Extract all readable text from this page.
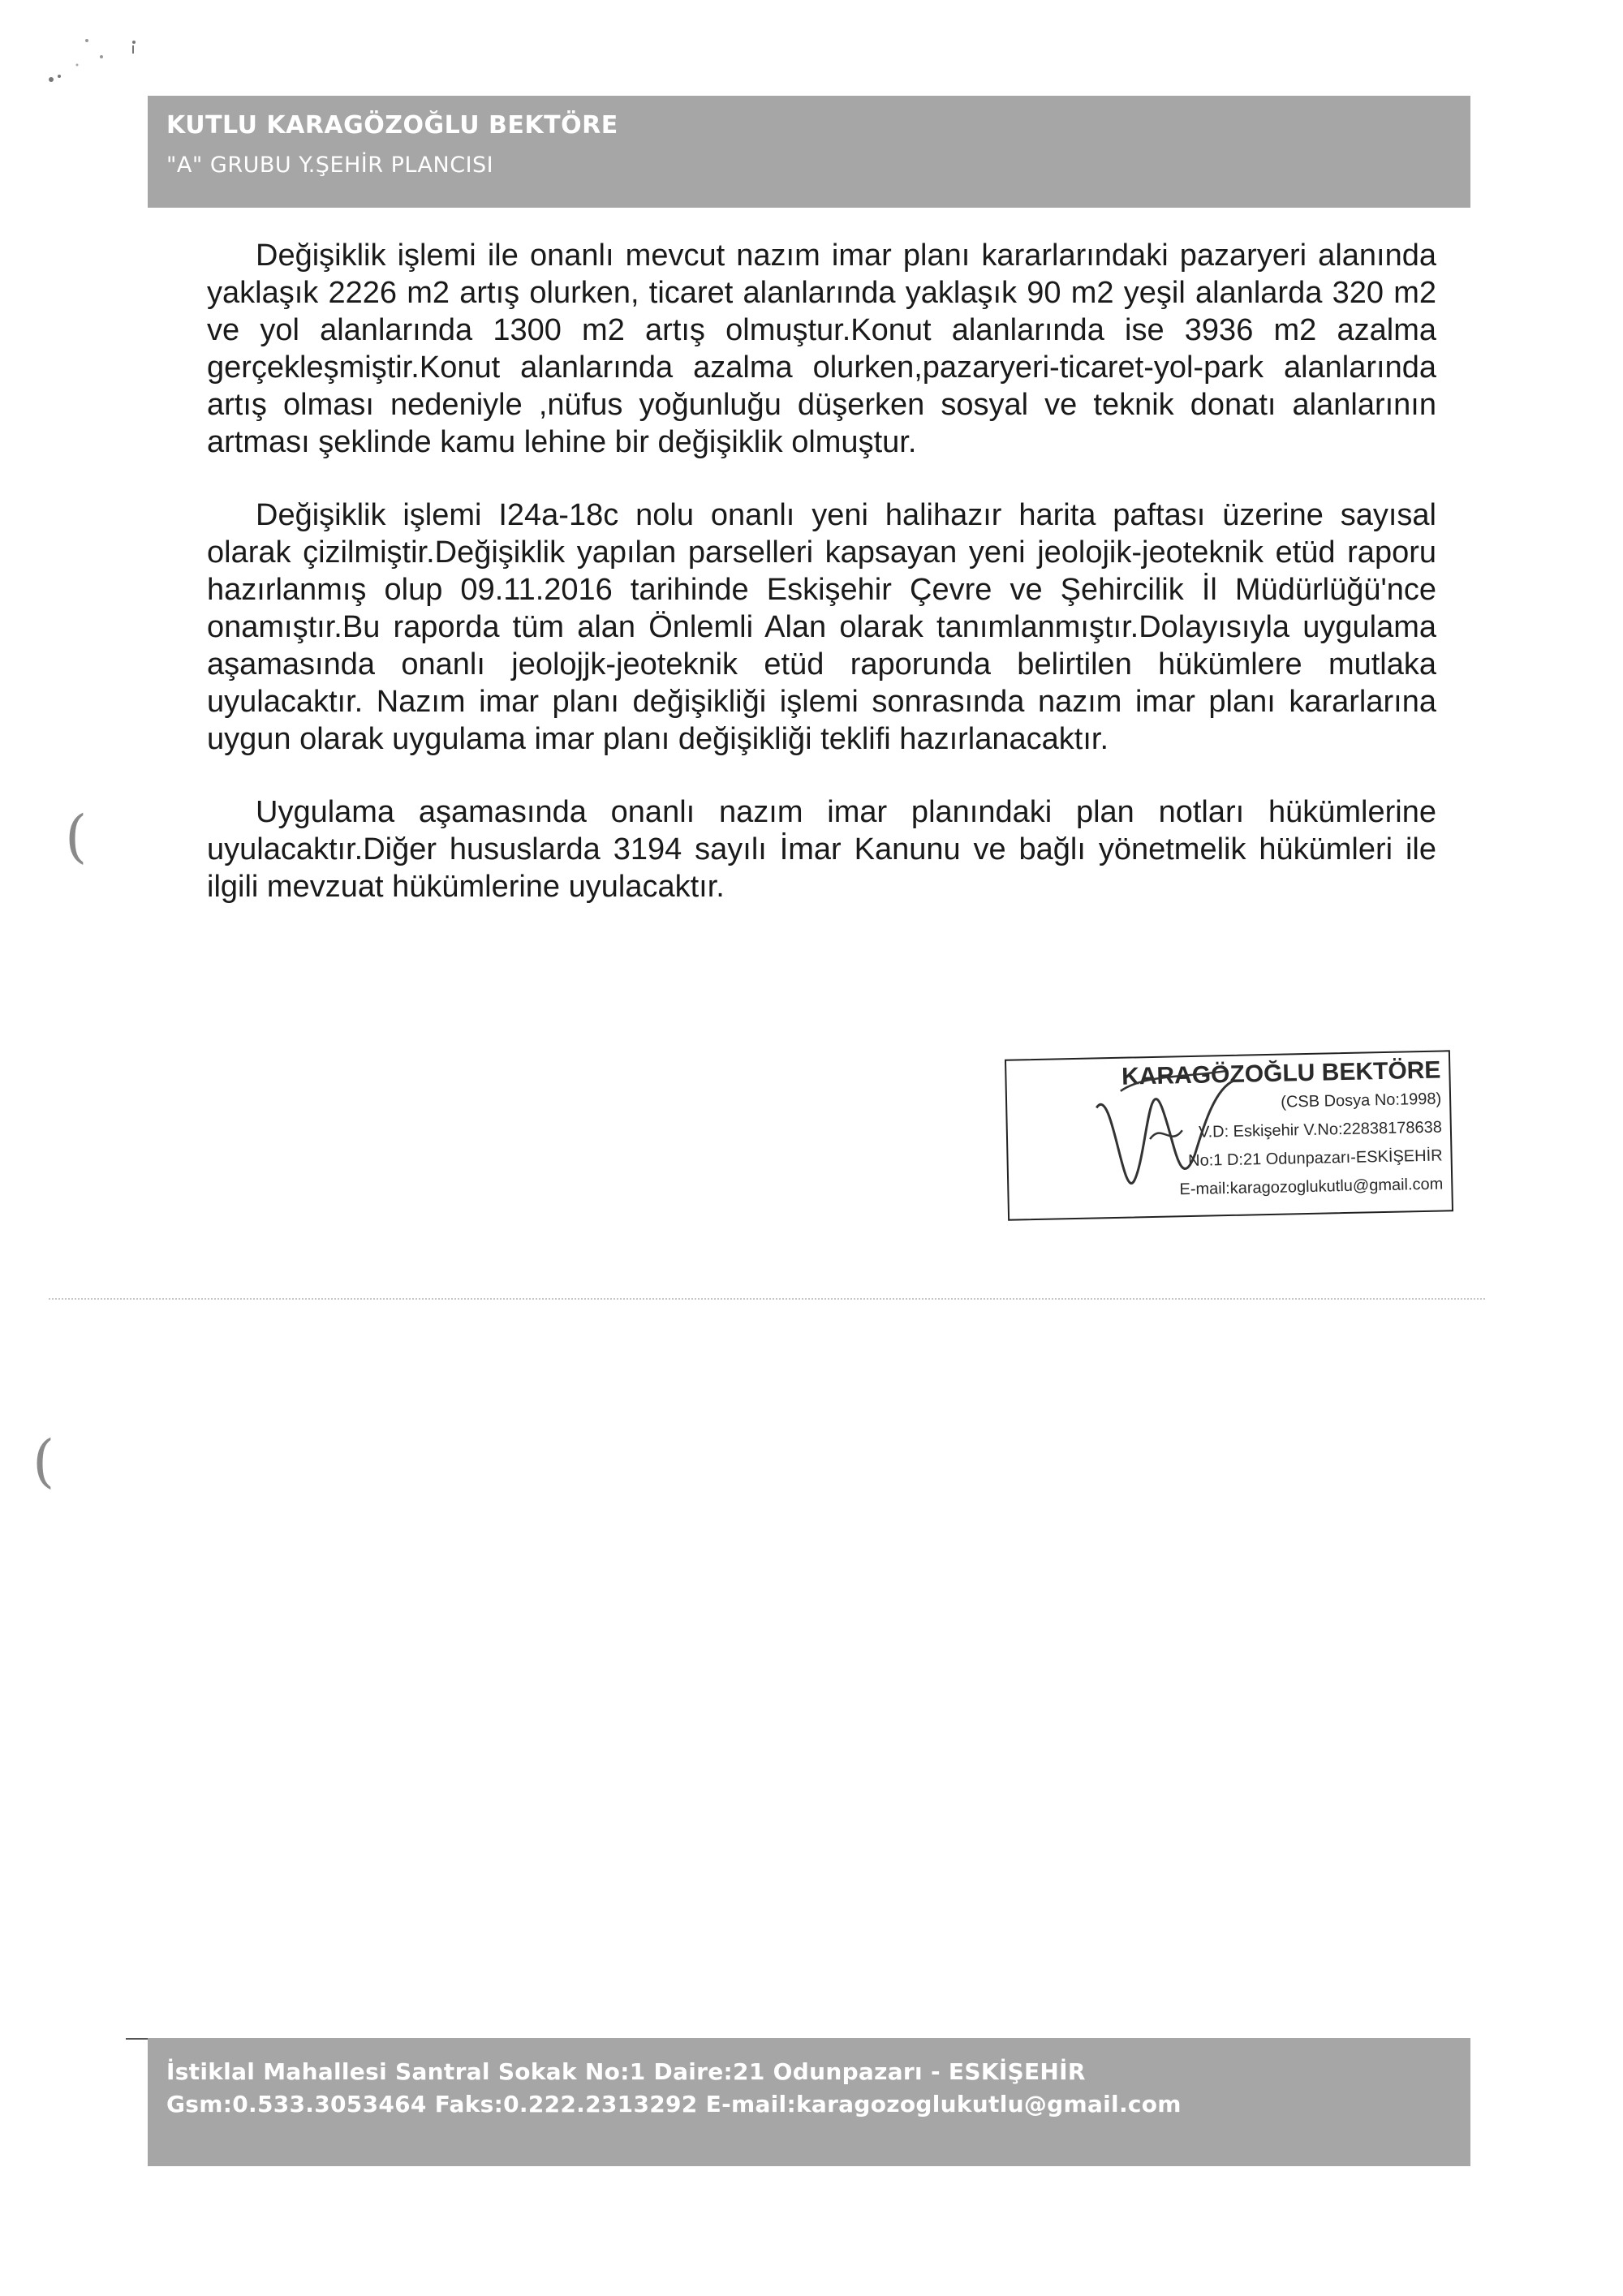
KUTLU KARAGÖZOĞLU BEKTÖRE
"A" GRUBU Y.ŞEHİR PLANCISI

Değişiklik işlemi ile onanlı mevcut nazım imar planı kararlarındaki pazaryeri alanında yaklaşık 2226 m2 artış olurken, ticaret alanlarında yaklaşık 90 m2 yeşil alanlarda 320 m2 ve yol alanlarında 1300 m2 artış olmuştur.Konut alanlarında ise 3936 m2 azalma gerçekleşmiştir.Konut alanlarında azalma olurken,pazaryeri-ticaret-yol-park alanlarında artış olması nedeniyle ,nüfus yoğunluğu düşerken sosyal ve teknik donatı alanlarının artması şeklinde kamu lehine bir değişiklik olmuştur.

Değişiklik işlemi I24a-18c nolu onanlı yeni halihazır harita paftası üzerine sayısal olarak çizilmiştir.Değişiklik yapılan parselleri kapsayan yeni jeolojik-jeoteknik etüd raporu hazırlanmış olup 09.11.2016 tarihinde Eskişehir Çevre ve Şehircilik İl Müdürlüğü'nce onamıştır.Bu raporda tüm alan Önlemli Alan olarak tanımlanmıştır.Dolayısıyla uygulama aşamasında onanlı jeolojjk-jeoteknik etüd raporunda belirtilen hükümlere mutlaka uyulacaktır. Nazım imar planı değişikliği işlemi sonrasında nazım imar planı kararlarına uygun olarak uygulama imar planı değişikliği teklifi hazırlanacaktır.

Uygulama aşamasında onanlı nazım imar planındaki plan notları hükümlerine uyulacaktır.Diğer hususlarda 3194 sayılı İmar Kanunu ve bağlı yönetmelik hükümleri ile ilgili mevzuat hükümlerine uyulacaktır.

KARAGÖZOĞLU BEKTÖRE
(CSB Dosya No:1998)
V.D: Eskişehir V.No:22838178638
No:1 D:21 Odunpazarı-ESKİŞEHİR
E-mail:karagozoglukutlu@gmail.com
(
(
İstiklal Mahallesi Santral Sokak No:1 Daire:21 Odunpazarı - ESKİŞEHİR
Gsm:0.533.3053464 Faks:0.222.2313292 E-mail:karagozoglukutlu@gmail.com
